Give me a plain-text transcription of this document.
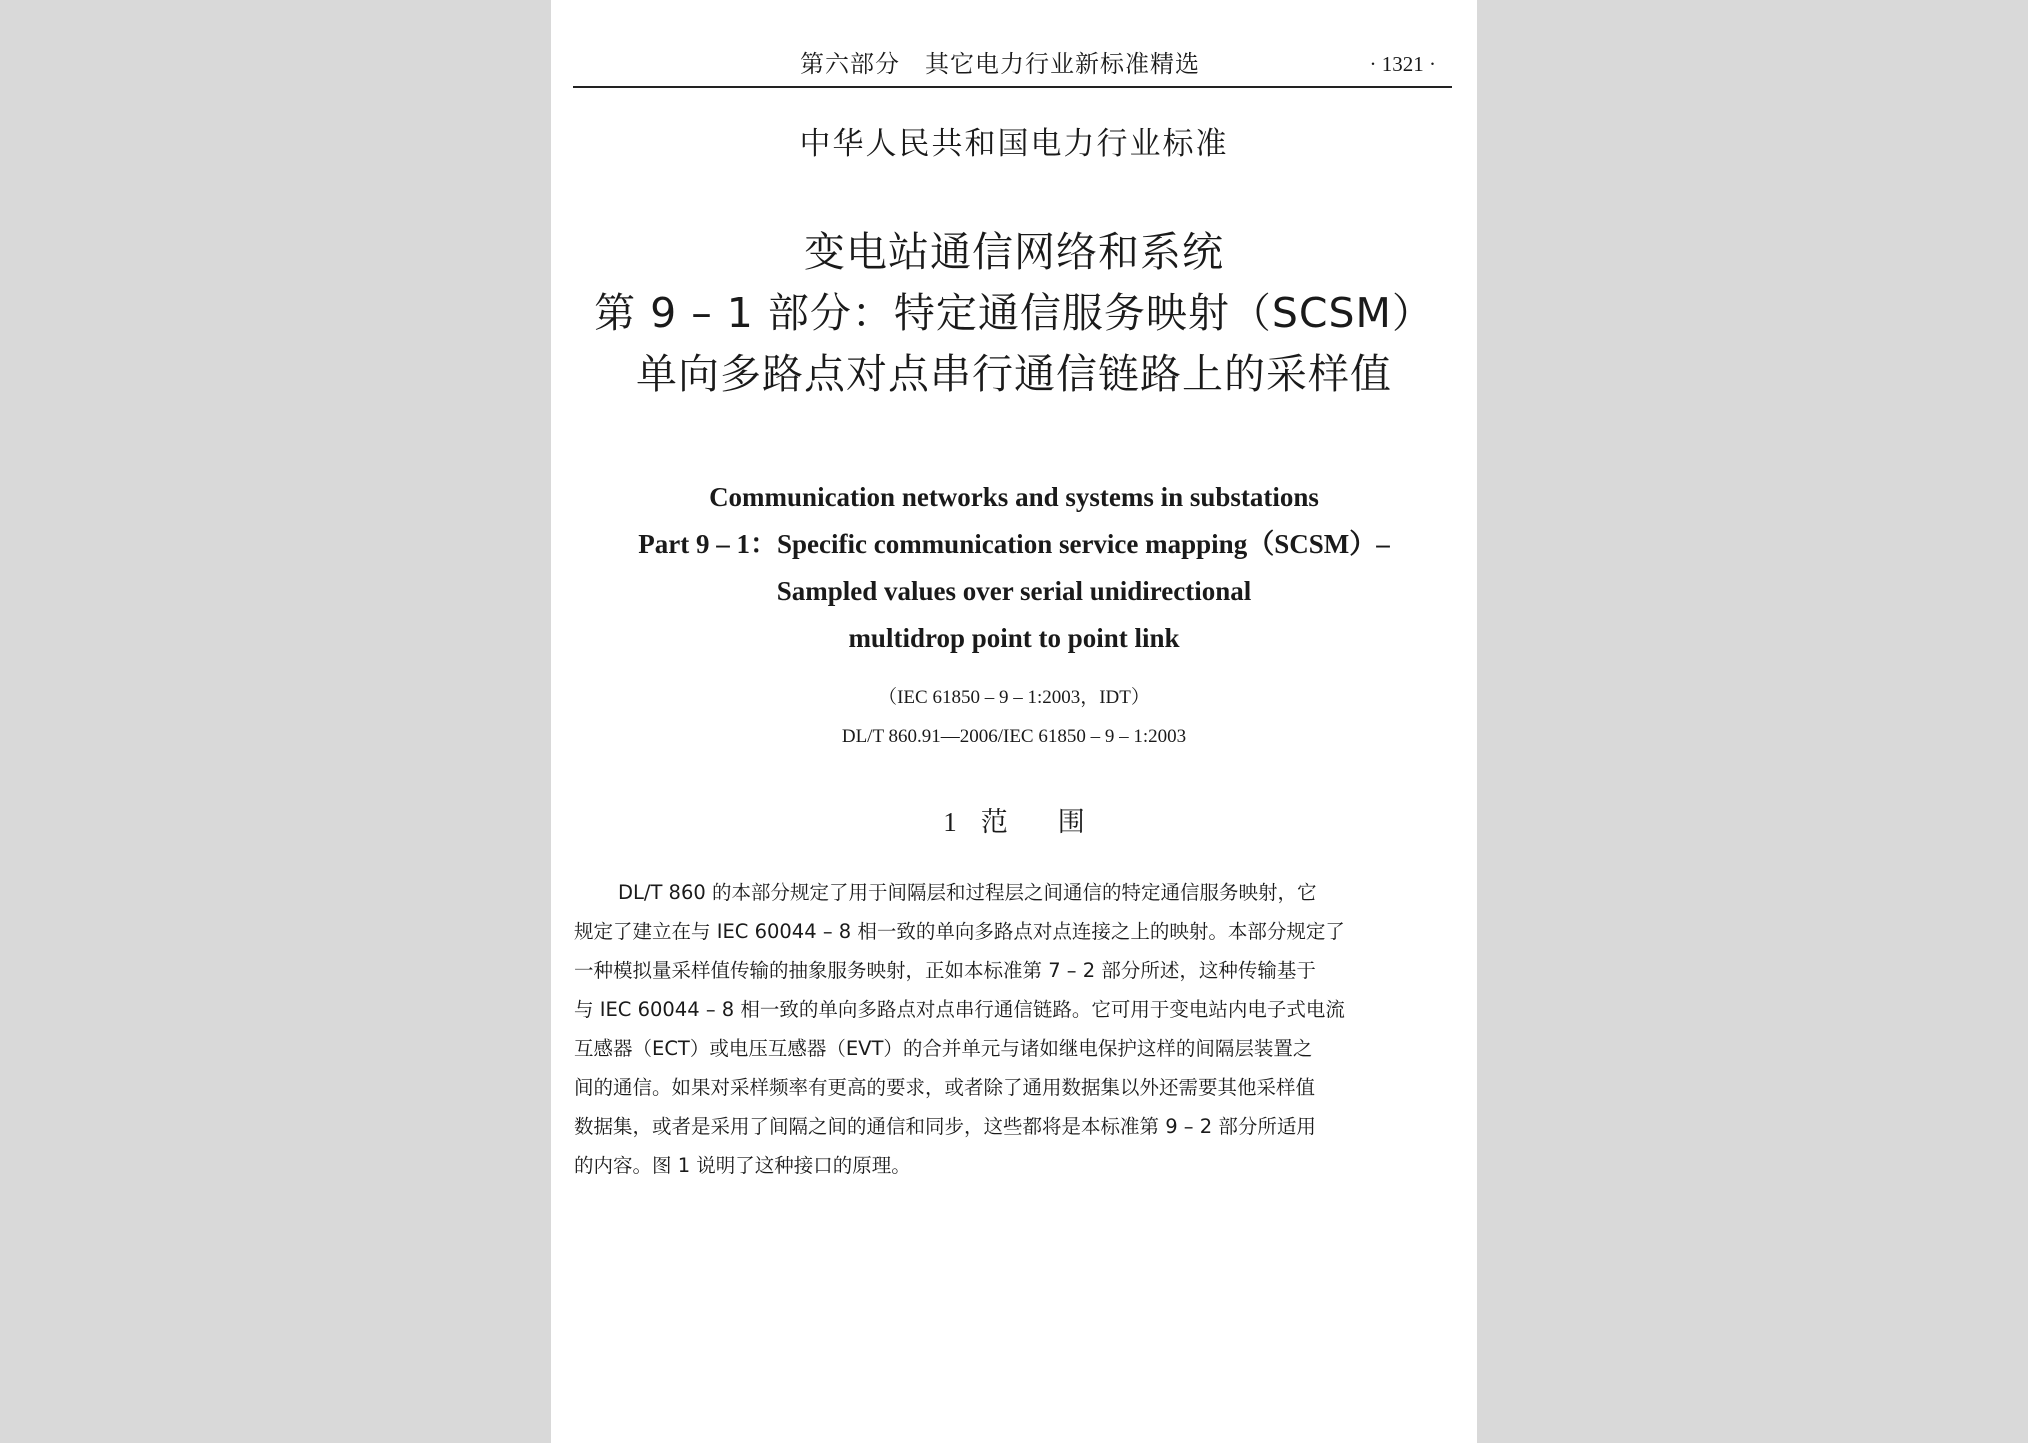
第六部分　其它电力行业新标准精选	· 1321 ·
中华人民共和国电力行业标准
变电站通信网络和系统
第 9 – 1 部分：特定通信服务映射（SCSM）
单向多路点对点串行通信链路上的采样值
Communication networks and systems in substations
Part 9 – 1：Specific communication service mapping（SCSM）–
Sampled values over serial unidirectional
multidrop point to point link
（IEC 61850 – 9 – 1:2003，IDT）
DL/T 860.91—2006/IEC 61850 – 9 – 1:2003
1 范 围
DL/T 860 的本部分规定了用于间隔层和过程层之间通信的特定通信服务映射，它
规定了建立在与 IEC 60044 – 8 相一致的单向多路点对点连接之上的映射。本部分规定了
一种模拟量采样值传输的抽象服务映射，正如本标准第 7 – 2 部分所述，这种传输基于
与 IEC 60044 – 8 相一致的单向多路点对点串行通信链路。它可用于变电站内电子式电流
互感器（ECT）或电压互感器（EVT）的合并单元与诸如继电保护这样的间隔层装置之
间的通信。如果对采样频率有更高的要求，或者除了通用数据集以外还需要其他采样值
数据集，或者是采用了间隔之间的通信和同步，这些都将是本标准第 9 – 2 部分所适用
的内容。图 1 说明了这种接口的原理。
